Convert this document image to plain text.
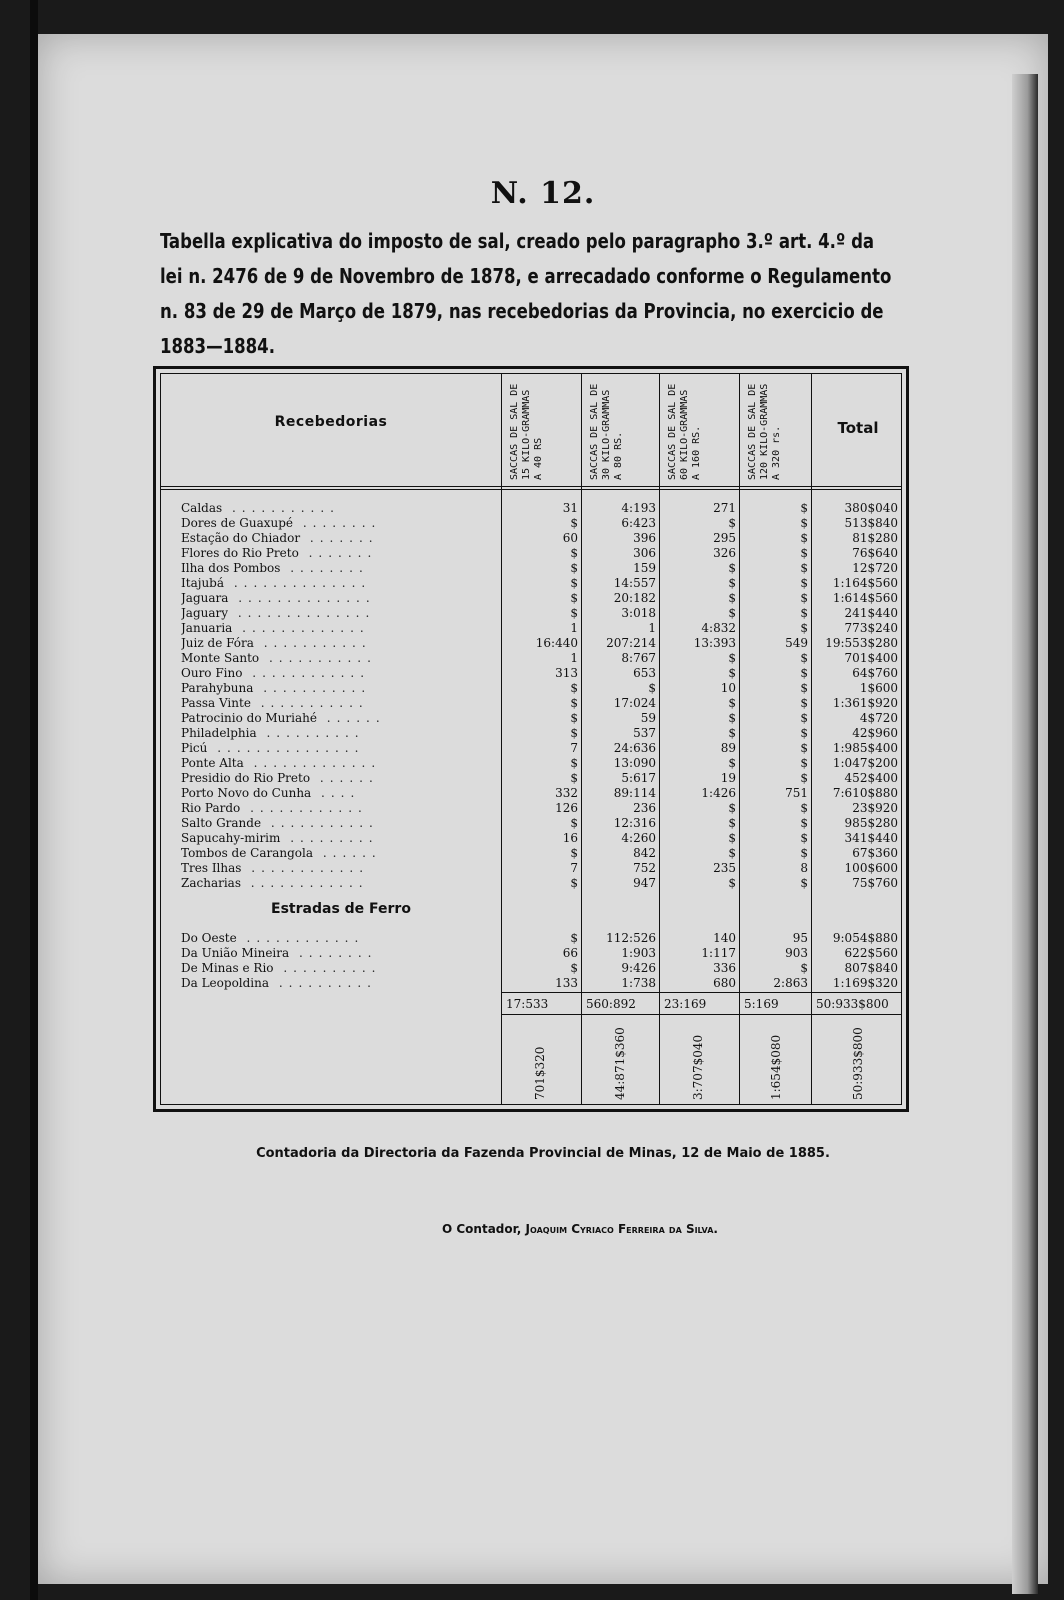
N. 12.
Tabella explicativa do imposto de sal, creado pelo paragrapho 3.º art. 4.º da lei n. 2476 de 9 de Novembro de 1878, e arrecadado conforme o Regulamento n. 83 de 29 de Março de 1879, nas recebedorias da Provincia, no exercicio de 1883—1884.
Recebedorias	SACCAS DE SAL DE 15 KILO-GRAMMAS A 40 RS	SACCAS DE SAL DE 30 KILO-GRAMMAS A 80 RS.	SACCAS DE SAL DE 60 KILO-GRAMMAS A 160 RS.	SACCAS DE SAL DE 120 KILO-GRAMMAS A 320 rs.	Total
Caldas ...........	31	4:193	271	$	380$040
Dores de Guaxupé ........	$	6:423	$	$	513$840
Estação do Chiador .......	60	396	295	$	81$280
Flores do Rio Preto .......	$	306	326	$	76$640
Ilha dos Pombos ........	$	159	$	$	12$720
Itajubá ..............	$	14:557	$	$	1:164$560
Jaguara ..............	$	20:182	$	$	1:614$560
Jaguary ..............	$	3:018	$	$	241$440
Januaria .............	1	1	4:832	$	773$240
Juiz de Fóra ...........	16:440	207:214	13:393	549	19:553$280
Monte Santo ...........	1	8:767	$	$	701$400
Ouro Fino ............	313	653	$	$	64$760
Parahybuna ...........	$	$	10	$	1$600
Passa Vinte ...........	$	17:024	$	$	1:361$920
Patrocinio do Muriahé ......	$	59	$	$	4$720
Philadelphia ..........	$	537	$	$	42$960
Picú ...............	7	24:636	89	$	1:985$400
Ponte Alta .............	$	13:090	$	$	1:047$200
Presidio do Rio Preto ......	$	5:617	19	$	452$400
Porto Novo do Cunha ....	332	89:114	1:426	751	7:610$880
Rio Pardo ............	126	236	$	$	23$920
Salto Grande ...........	$	12:316	$	$	985$280
Sapucahy-mirim .........	16	4:260	$	$	341$440
Tombos de Carangola ......	$	842	$	$	67$360
Tres Ilhas ............	7	752	235	8	100$600
Zacharias ............	$	947	$	$	75$760
Estradas de Ferro
Do Oeste ............	$	112:526	140	95	9:054$880
Da União Mineira ........	66	1:903	1:117	903	622$560
De Minas e Rio ..........	$	9:426	336	$	807$840
Da Leopoldina ..........	133	1:738	680	2:863	1:169$320
17:533	560:892	23:169	5:169	50:933$800
701$320	44:871$360	3:707$040	1:654$080	50:933$800
Contadoria da Directoria da Fazenda Provincial de Minas, 12 de Maio de 1885.
O Contador, Joaquim Cyriaco Ferreira da Silva.
